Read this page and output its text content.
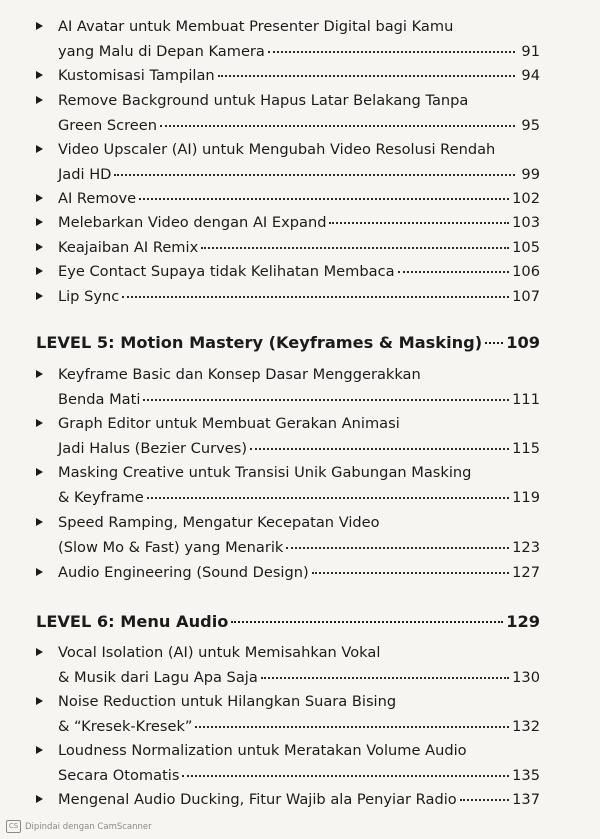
AI Avatar untuk Membuat Presenter Digital bagi Kamu
yang Malu di Depan Kamera	91
Kustomisasi Tampilan	94
Remove Background untuk Hapus Latar Belakang Tanpa
Green Screen	95
Video Upscaler (AI) untuk Mengubah Video Resolusi Rendah
Jadi HD	99
AI Remove	102
Melebarkan Video dengan AI Expand	103
Keajaiban AI Remix	105
Eye Contact Supaya tidak Kelihatan Membaca	106
Lip Sync	107
LEVEL 5: Motion Mastery (Keyframes & Masking) 109
Keyframe Basic dan Konsep Dasar Menggerakkan
Benda Mati	111
Graph Editor untuk Membuat Gerakan Animasi
Jadi Halus (Bezier Curves)	115
Masking Creative untuk Transisi Unik Gabungan Masking
& Keyframe	119
Speed Ramping, Mengatur Kecepatan Video
(Slow Mo & Fast) yang Menarik	123
Audio Engineering (Sound Design)	127
LEVEL 6: Menu Audio	129
Vocal Isolation (AI) untuk Memisahkan Vokal
& Musik dari Lagu Apa Saja	130
Noise Reduction untuk Hilangkan Suara Bising
& “Kresek-Kresek”	132
Loudness Normalization untuk Meratakan Volume Audio
Secara Otomatis	135
Mengenal Audio Ducking, Fitur Wajib ala Penyiar Radio	137
CS Dipindai dengan CamScanner
